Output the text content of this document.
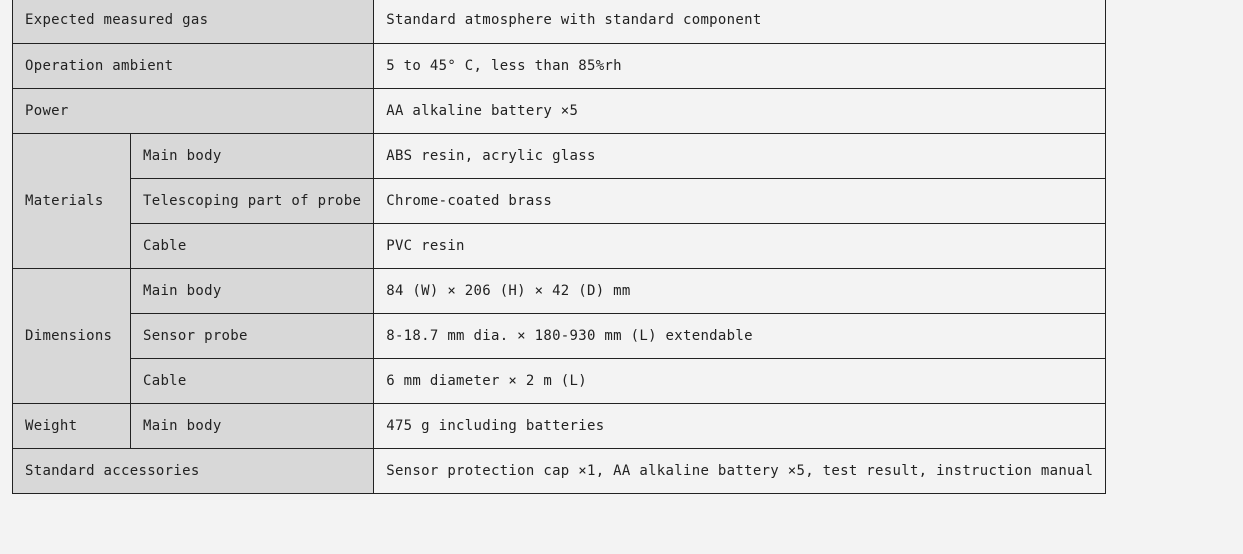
Expected measured gas		Standard atmosphere with standard component
Operation ambient		5 to 45° C, less than 85%rh
Power		AA alkaline battery ×5
Materials	Main body	ABS resin, acrylic glass
	Telescoping part of probe	Chrome-coated brass
	Cable	PVC resin
Dimensions	Main body	84 (W) × 206 (H) × 42 (D) mm
	Sensor probe	8-18.7 mm dia. × 180-930 mm (L) extendable
	Cable	6 mm diameter × 2 m (L)
Weight	Main body	475 g including batteries
Standard accessories		Sensor protection cap ×1, AA alkaline battery ×5, test result, instruction manual
